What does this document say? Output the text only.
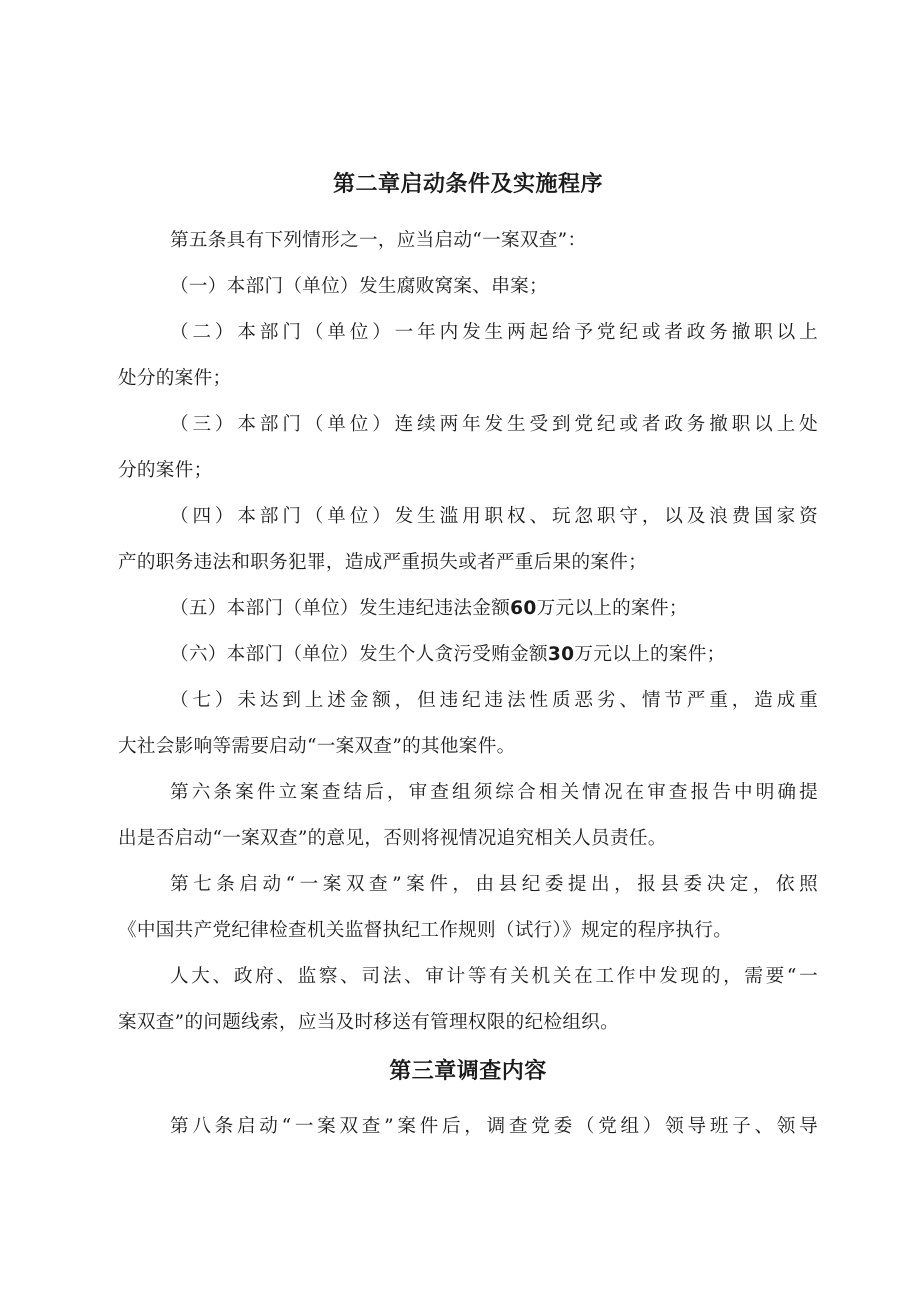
第二章启动条件及实施程序
第五条具有下列情形之一，应当启动“一案双查”：
（一）本部门（单位）发生腐败窝案、串案；
（二）本部门（单位）一年内发生两起给予党纪或者政务撤职以上
处分的案件；
（三）本部门（单位）连续两年发生受到党纪或者政务撤职以上处
分的案件；
（四）本部门（单位）发生滥用职权、玩忽职守，以及浪费国家资
产的职务违法和职务犯罪，造成严重损失或者严重后果的案件；
（五）本部门（单位）发生违纪违法金额60万元以上的案件；
（六）本部门（单位）发生个人贪污受贿金额30万元以上的案件；
（七）未达到上述金额，但违纪违法性质恶劣、情节严重，造成重
大社会影响等需要启动“一案双查”的其他案件。
第六条案件立案查结后，审查组须综合相关情况在审查报告中明确提
出是否启动“一案双查”的意见，否则将视情况追究相关人员责任。
第七条启动“一案双查”案件，由县纪委提出，报县委决定，依照
《中国共产党纪律检查机关监督执纪工作规则（试行）》规定的程序执行。
人大、政府、监察、司法、审计等有关机关在工作中发现的，需要“一
案双查”的问题线索，应当及时移送有管理权限的纪检组织。
第三章调查内容
第八条启动“一案双查”案件后，调查党委（党组）领导班子、领导
